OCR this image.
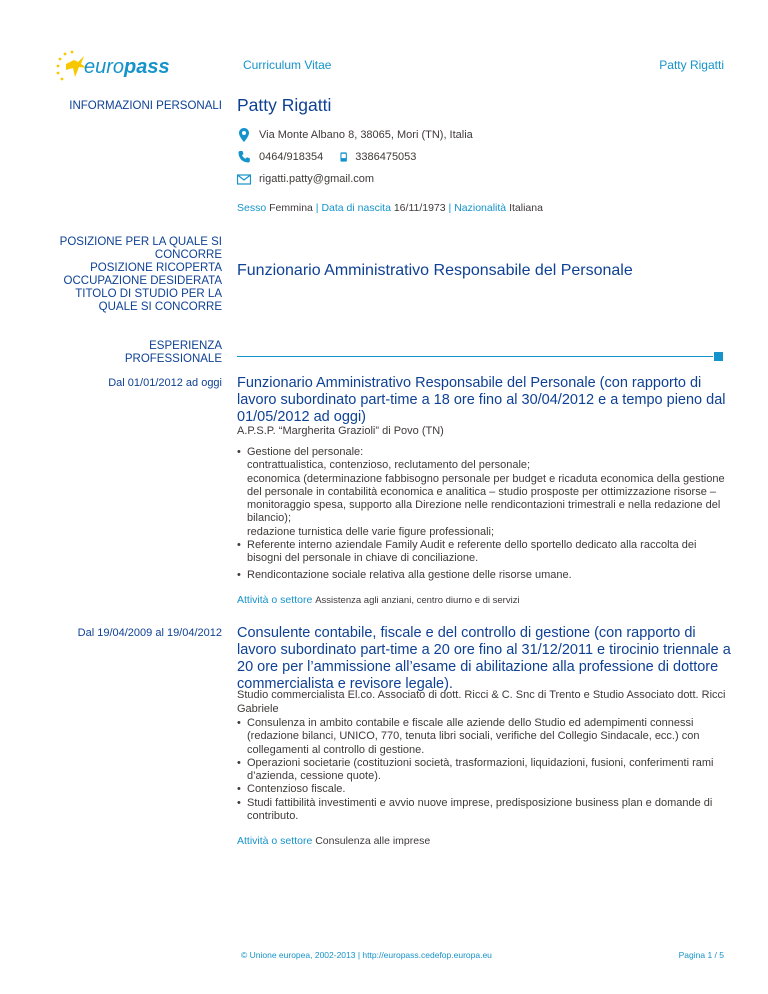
euro pass	Curriculum Vitae	Patty Rigatti
INFORMAZIONI PERSONALI Patty Rigatti
Via Monte Albano 8, 38065, Mori (TN), Italia
0464/918354	3386475053
rigatti.patty@gmail.com
Sesso Femmina | Data di nascita 16/11/1973 | Nazionalità Italiana
POSIZIONE PER LA QUALE SI
CONCORRE
POSIZIONE RICOPERTA
OCCUPAZIONE DESIDERATA
TITOLO DI STUDIO PER LA
QUALE SI CONCORRE
Funzionario Amministrativo Responsabile del Personale
ESPERIENZA
PROFESSIONALE
Dal 01/01/2012 ad oggi Funzionario Amministrativo Responsabile del Personale (con rapporto di lavoro subordinato part-time a 18 ore fino al 30/04/2012 e a tempo pieno dal 01/05/2012 ad oggi)
A.P.S.P. “Margherita Grazioli” di Povo (TN)
• Gestione del personale:
contrattualistica, contenzioso, reclutamento del personale;
economica (determinazione fabbisogno personale per budget e ricaduta economica della gestione del personale in contabilità economica e analitica – studio prosposte per ottimizzazione risorse – monitoraggio spesa, supporto alla Direzione nelle rendicontazioni trimestrali e nella redazione del bilancio);
redazione turnistica delle varie figure professionali;
• Referente interno aziendale Family Audit e referente dello sportello dedicato alla raccolta dei bisogni del personale in chiave di conciliazione.
• Rendicontazione sociale relativa alla gestione delle risorse umane.
Attività o settore Assistenza agli anziani, centro diurno e di servizi
Dal 19/04/2009 al 19/04/2012 Consulente contabile, fiscale e del controllo di gestione (con rapporto di lavoro subordinato part-time a 20 ore fino al 31/12/2011 e tirocinio triennale a 20 ore per l’ammissione all’esame di abilitazione alla professione di dottore commercialista e revisore legale).
Studio commercialista El.co. Associato di dott. Ricci & C. Snc di Trento e Studio Associato dott. Ricci Gabriele
• Consulenza in ambito contabile e fiscale alle aziende dello Studio ed adempimenti connessi (redazione bilanci, UNICO, 770, tenuta libri sociali, verifiche del Collegio Sindacale, ecc.) con collegamenti al controllo di gestione.
• Operazioni societarie (costituzioni società, trasformazioni, liquidazioni, fusioni, conferimenti rami d’azienda, cessione quote).
• Contenzioso fiscale.
• Studi fattibilità investimenti e avvio nuove imprese, predisposizione business plan e domande di contributo.
Attività o settore Consulenza alle imprese
© Unione europea, 2002-2013 | http://europass.cedefop.europa.eu	Pagina 1 / 5
